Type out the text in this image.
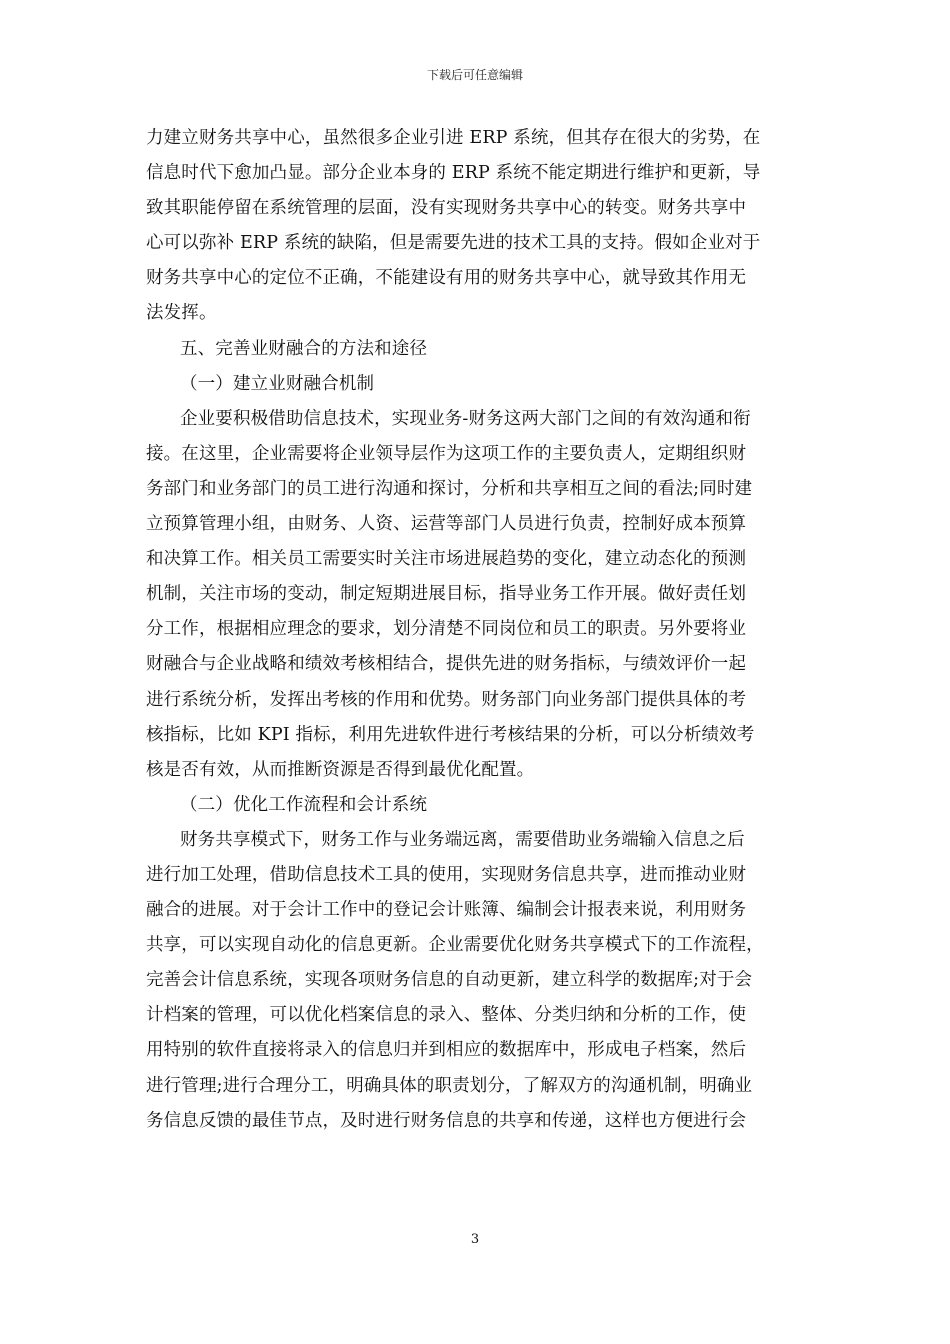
下载后可任意编辑
力建立财务共享中心，虽然很多企业引进 ERP 系统，但其存在很大的劣势，在
信息时代下愈加凸显。部分企业本身的 ERP 系统不能定期进行维护和更新，导
致其职能停留在系统管理的层面，没有实现财务共享中心的转变。财务共享中
心可以弥补 ERP 系统的缺陷，但是需要先进的技术工具的支持。假如企业对于
财务共享中心的定位不正确，不能建设有用的财务共享中心，就导致其作用无
法发挥。
五、完善业财融合的方法和途径
（一）建立业财融合机制
企业要积极借助信息技术，实现业务-财务这两大部门之间的有效沟通和衔
接。在这里，企业需要将企业领导层作为这项工作的主要负责人，定期组织财
务部门和业务部门的员工进行沟通和探讨，分析和共享相互之间的看法;同时建
立预算管理小组，由财务、人资、运营等部门人员进行负责，控制好成本预算
和决算工作。相关员工需要实时关注市场进展趋势的变化，建立动态化的预测
机制，关注市场的变动，制定短期进展目标，指导业务工作开展。做好责任划
分工作，根据相应理念的要求，划分清楚不同岗位和员工的职责。另外要将业
财融合与企业战略和绩效考核相结合，提供先进的财务指标，与绩效评价一起
进行系统分析，发挥出考核的作用和优势。财务部门向业务部门提供具体的考
核指标，比如 KPI 指标，利用先进软件进行考核结果的分析，可以分析绩效考
核是否有效，从而推断资源是否得到最优化配置。
（二）优化工作流程和会计系统
财务共享模式下，财务工作与业务端远离，需要借助业务端输入信息之后
进行加工处理，借助信息技术工具的使用，实现财务信息共享，进而推动业财
融合的进展。对于会计工作中的登记会计账簿、编制会计报表来说，利用财务
共享，可以实现自动化的信息更新。企业需要优化财务共享模式下的工作流程，
完善会计信息系统，实现各项财务信息的自动更新，建立科学的数据库;对于会
计档案的管理，可以优化档案信息的录入、整体、分类归纳和分析的工作，使
用特别的软件直接将录入的信息归并到相应的数据库中，形成电子档案，然后
进行管理;进行合理分工，明确具体的职责划分，了解双方的沟通机制，明确业
务信息反馈的最佳节点，及时进行财务信息的共享和传递，这样也方便进行会
3
